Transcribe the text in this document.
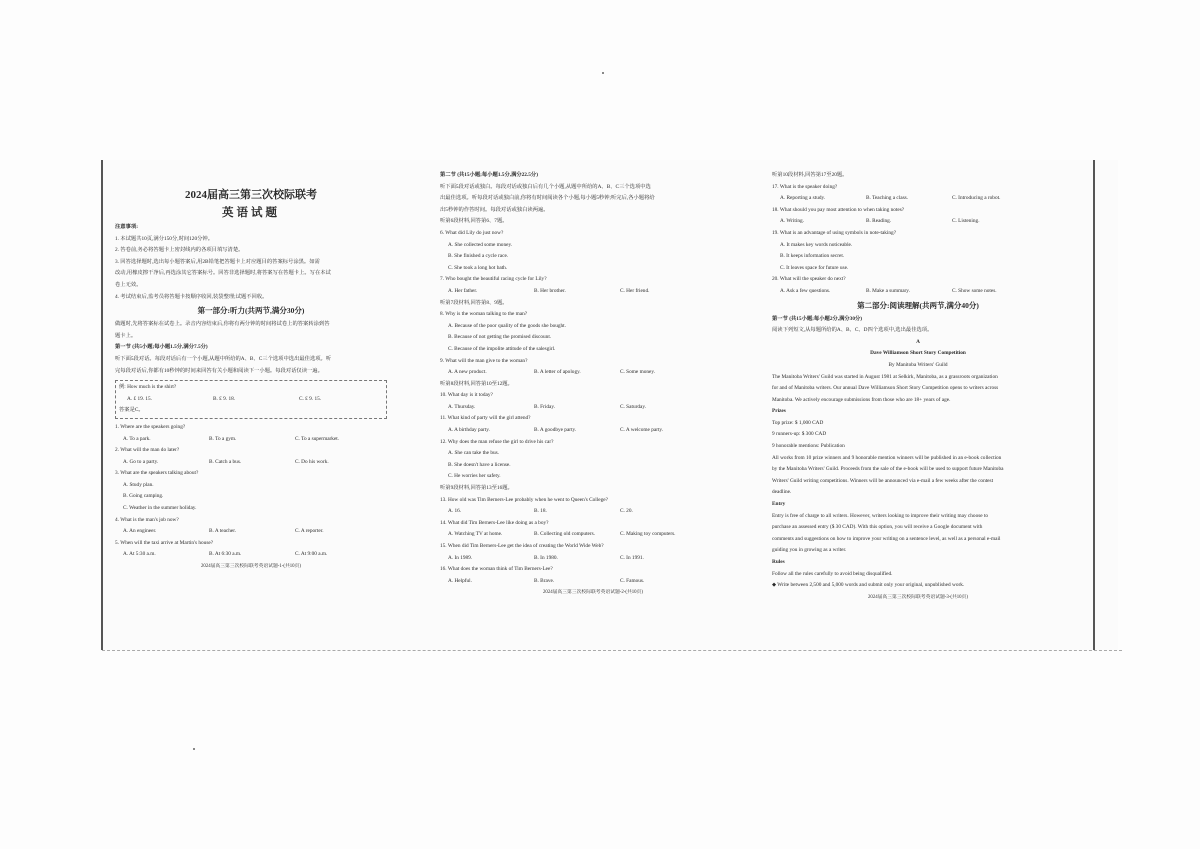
2024届高三第三次校际联考

英语试题

注意事项:

1. 本试题共10页,满分150分,时间120分钟。

2. 答卷前,务必将答题卡上密封线内的各项目填写清楚。

3. 回答选择题时,选出每小题答案后,用2B铅笔把答题卡上对应题目的答案标号涂黑。如需

改动,用橡皮擦干净后,再选涂其它答案标号。回答非选择题时,将答案写在答题卡上。写在本试

卷上无效。

4. 考试结束后,监考员将答题卡按顺序收回,装袋整理;试题不回收。

第一部分:听力(共两节,满分30分)

做题时,先将答案标在试卷上。录音内容结束后,你将有两分钟的时间将试卷上的答案转涂到答

题卡上。

第一节 (共5小题;每小题1.5分,满分7.5分)

听下面5段对话。每段对话后有一个小题,从题中所给的A、B、C三个选项中选出最佳选项。听

完每段对话后,你都有10秒钟的时间来回答有关小题和阅读下一小题。每段对话仅读一遍。

例: How much is the shirt?

A. £ 19. 15.	B. £ 9. 18.	C. £ 9. 15.

答案是C。

1. Where are the speakers going?

A. To a park.	B. To a gym.	C. To a supermarket.

2. What will the man do later?

A. Go to a party.	B. Catch a bus.	C. Do his work.

3. What are the speakers talking about?

A. Study plan.

B. Going camping.

C. Weather in the summer holiday.

4. What is the man's job now?

A. An engineer.	B. A teacher.	C. A reporter.

5. When will the taxi arrive at Martin's house?

A. At 5:30 a.m.	B. At 6:30 a.m.	C. At 9:00 a.m.

2024届高三第三次校际联考英语试题-1-(共10页)

第二节 (共15小题;每小题1.5分,满分22.5分)

听下面5段对话或独白。每段对话或独白后有几个小题,从题中所给的A、B、C三个选项中选

出最佳选项。听每段对话或独白前,你将有时间阅读各个小题,每小题5秒钟;听完后,各小题将给

出5秒钟的作答时间。每段对话或独白读两遍。

听第6段材料,回答第6、7题。

6. What did Lily do just now?

A. She collected some money.

B. She finished a cycle race.

C. She took a long hot bath.

7. Who bought the beautiful racing cycle for Lily?

A. Her father.	B. Her brother.	C. Her friend.

听第7段材料,回答第8、9题。

8. Why is the woman talking to the man?

A. Because of the poor quality of the goods she bought.

B. Because of not getting the promised discount.

C. Because of the impolite attitude of the salesgirl.

9. What will the man give to the woman?

A. A new product.	B. A letter of apology.	C. Some money.

听第8段材料,回答第10至12题。

10. What day is it today?

A. Thursday.	B. Friday.	C. Saturday.

11. What kind of party will the girl attend?

A. A birthday party.	B. A goodbye party.	C. A welcome party.

12. Why does the man refuse the girl to drive his car?

A. She can take the bus.

B. She doesn't have a license.

C. He worries her safety.

听第9段材料,回答第13至16题。

13. How old was Tim Berners-Lee probably when he went to Queen's College?

A. 16.	B. 18.	C. 20.

14. What did Tim Berners-Lee like doing as a boy?

A. Watching TV at home.	B. Collecting old computers.	C. Making toy computers.

15. When did Tim Berners-Lee get the idea of creating the World Wide Web?

A. In 1989.	B. In 1980.	C. In 1991.

16. What does the woman think of Tim Berners-Lee?

A. Helpful.	B. Brave.	C. Famous.

2024届高三第三次校际联考英语试题-2-(共10页)

听第10段材料,回答第17至20题。

17. What is the speaker doing?

A. Reporting a study.	B. Teaching a class.	C. Introducing a robot.

18. What should you pay most attention to when taking notes?

A. Writing.	B. Reading.	C. Listening.

19. What is an advantage of using symbols in note-taking?

A. It makes key words noticeable.

B. It keeps information secret.

C. It leaves space for future use.

20. What will the speaker do next?

A. Ask a few questions.	B. Make a summary.	C. Show some notes.

第二部分:阅读理解(共两节,满分40分)

第一节 (共15小题;每小题2分,满分30分)

阅读下列短文,从每题所给的A、B、C、D四个选项中,选出最佳选项。

A

Dave Williamson Short Story Competition

By Manitoba Writers' Guild

The Manitoba Writers' Guild was started in August 1981 at Selkirk, Manitoba, as a grassroots organization

for and of Manitoba writers. Our annual Dave Williamson Short Story Competition opens to writers across

Manitoba. We actively encourage submissions from those who are 18+ years of age.

Prizes

Top prize: $ 1,000 CAD

9 runners-up: $ 300 CAD

9 honorable mentions: Publication

All works from 10 prize winners and 9 honorable mention winners will be published in an e-book collection

by the Manitoba Writers' Guild. Proceeds from the sale of the e-book will be used to support future Manitoba

Writers' Guild writing competitions. Winners will be announced via e-mail a few weeks after the contest

deadline.

Entry

Entry is free of charge to all writers. However, writers looking to improve their writing may choose to

purchase an assessed entry ($ 30 CAD). With this option, you will receive a Google document with

comments and suggestions on how to improve your writing on a sentence level, as well as a personal e-mail

guiding you in growing as a writer.

Rules

Follow all the rules carefully to avoid being disqualified.

◆ Write between 2,500 and 5,000 words and submit only your original, unpublished work.

2024届高三第三次校际联考英语试题-3-(共10页)
